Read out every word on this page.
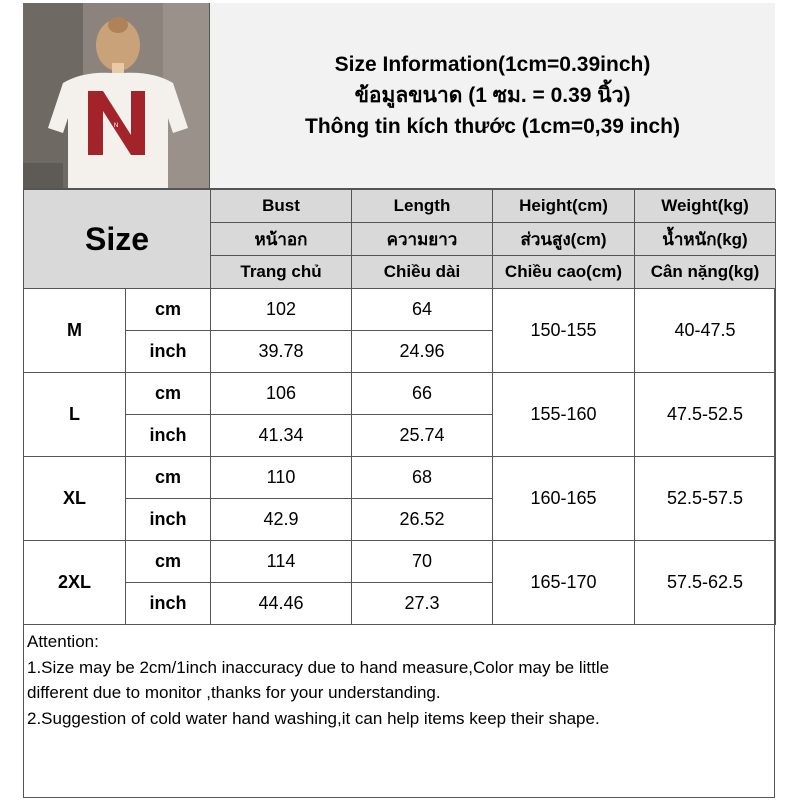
N
Size Information(1cm=0.39inch)
ข้อมูลขนาด (1 ซม. = 0.39 นิ้ว)
Thông tin kích thước (1cm=0,39 inch)
Size		Bust	Length	Height(cm)	Weight(kg)
		หน้าอก	ความยาว	ส่วนสูง(cm)	น้ำหนัก(kg)
		Trang chủ	Chiều dài	Chiều cao(cm)	Cân nặng(kg)
M	cm	102	64	150-155	40-47.5
	inch	39.78	24.96		
L	cm	106	66	155-160	47.5-52.5
	inch	41.34	25.74		
XL	cm	110	68	160-165	52.5-57.5
	inch	42.9	26.52		
2XL	cm	114	70	165-170	57.5-62.5
	inch	44.46	27.3		
Attention:
1.Size may be 2cm/1inch inaccuracy due to hand measure,Color may be little
different due to monitor ,thanks for your understanding.
2.Suggestion of cold water hand washing,it can help items keep their shape.
